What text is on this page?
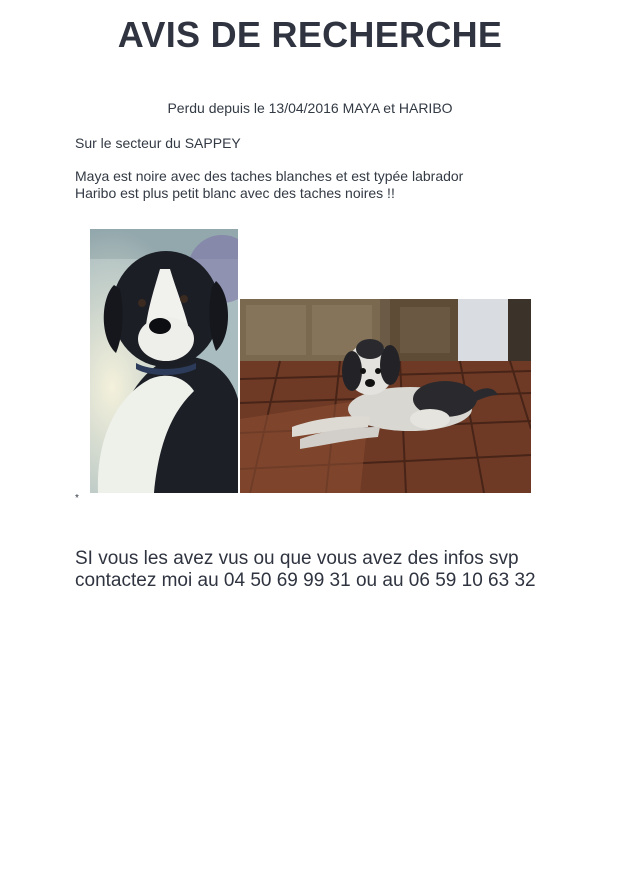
AVIS DE RECHERCHE
Perdu depuis le 13/04/2016 MAYA et HARIBO
Sur le secteur du SAPPEY
Maya est noire avec des taches blanches et est typée labrador
Haribo est plus petit blanc avec des taches noires !!
*
SI vous les avez vus ou que vous avez des infos svp
contactez moi au 04 50 69 99 31 ou au 06 59 10 63 32
